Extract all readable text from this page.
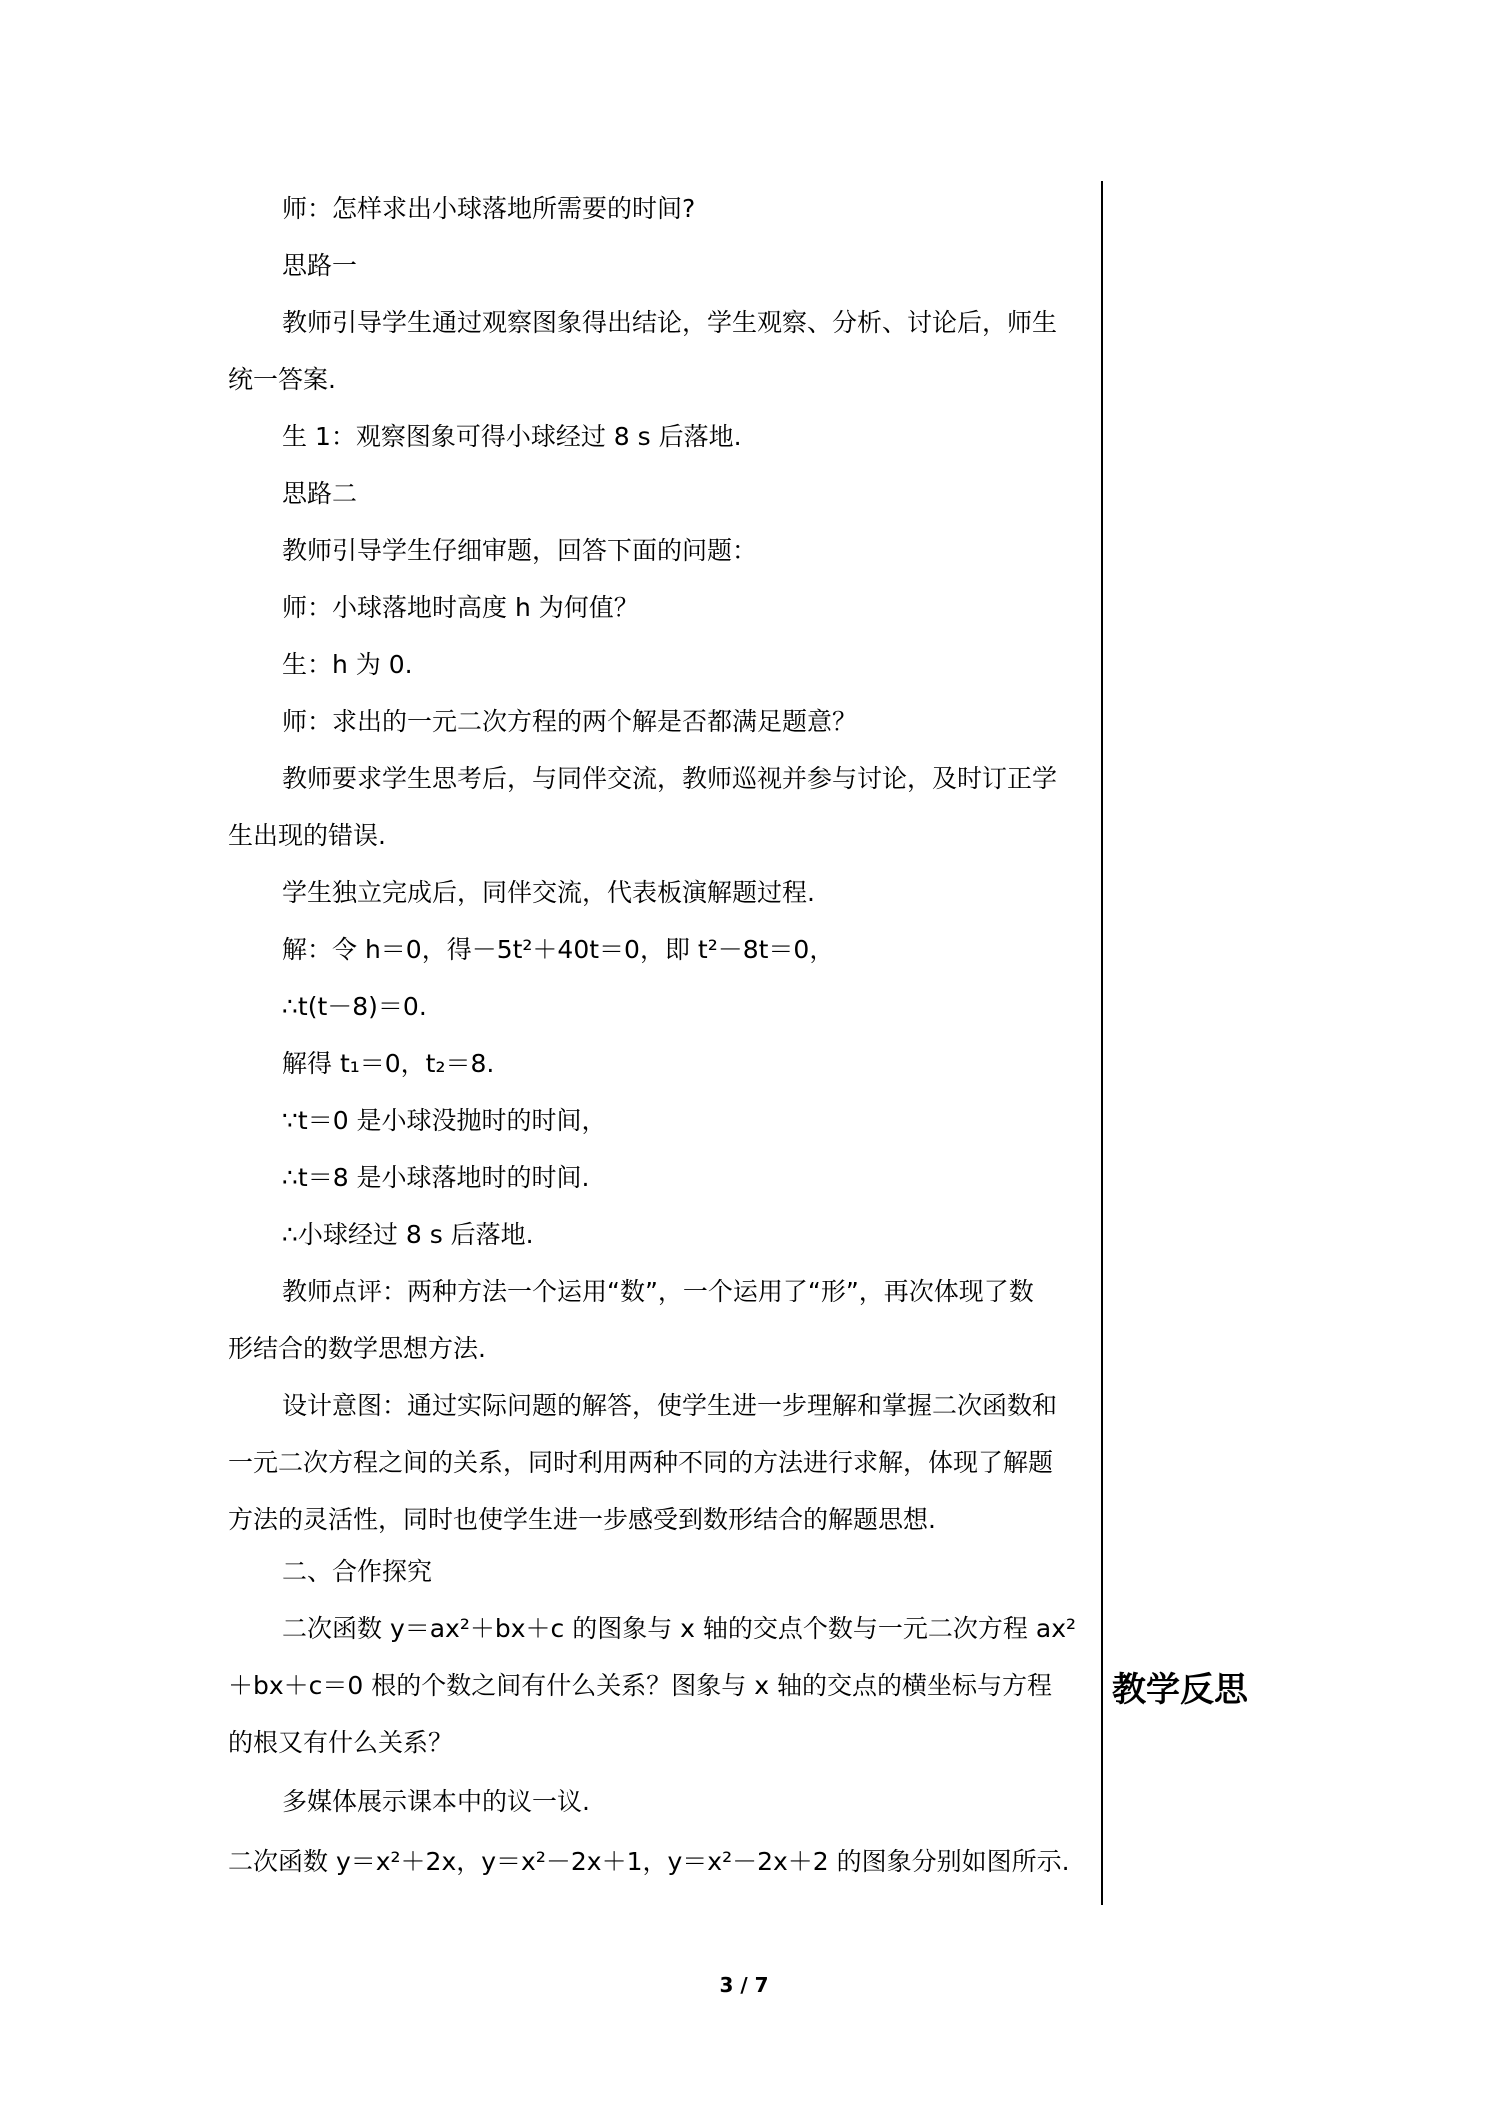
师：怎样求出小球落地所需要的时间?
思路一
教师引导学生通过观察图象得出结论，学生观察、分析、讨论后，师生
统一答案.
生 1：观察图象可得小球经过 8 s 后落地.
思路二
教师引导学生仔细审题，回答下面的问题：
师：小球落地时高度 h 为何值？
生：h 为 0.
师：求出的一元二次方程的两个解是否都满足题意？
教师要求学生思考后，与同伴交流，教师巡视并参与讨论，及时订正学
生出现的错误.
学生独立完成后，同伴交流，代表板演解题过程.
解：令 h＝0，得－5t²＋40t＝0，即 t²－8t＝0，
∴t(t－8)＝0.
解得 t₁＝0，t₂＝8.
∵t＝0 是小球没抛时的时间，
∴t＝8 是小球落地时的时间.
∴小球经过 8 s 后落地.
教师点评：两种方法一个运用“数”，一个运用了“形”，再次体现了数
形结合的数学思想方法.
设计意图：通过实际问题的解答，使学生进一步理解和掌握二次函数和
一元二次方程之间的关系，同时利用两种不同的方法进行求解，体现了解题
方法的灵活性，同时也使学生进一步感受到数形结合的解题思想.
二、合作探究
二次函数 y＝ax²＋bx＋c 的图象与 x 轴的交点个数与一元二次方程 ax²
＋bx＋c＝0 根的个数之间有什么关系？图象与 x 轴的交点的横坐标与方程
的根又有什么关系？
多媒体展示课本中的议一议.
二次函数 y＝x²＋2x，y＝x²－2x＋1，y＝x²－2x＋2 的图象分别如图所示.
教学反思
3 / 7
